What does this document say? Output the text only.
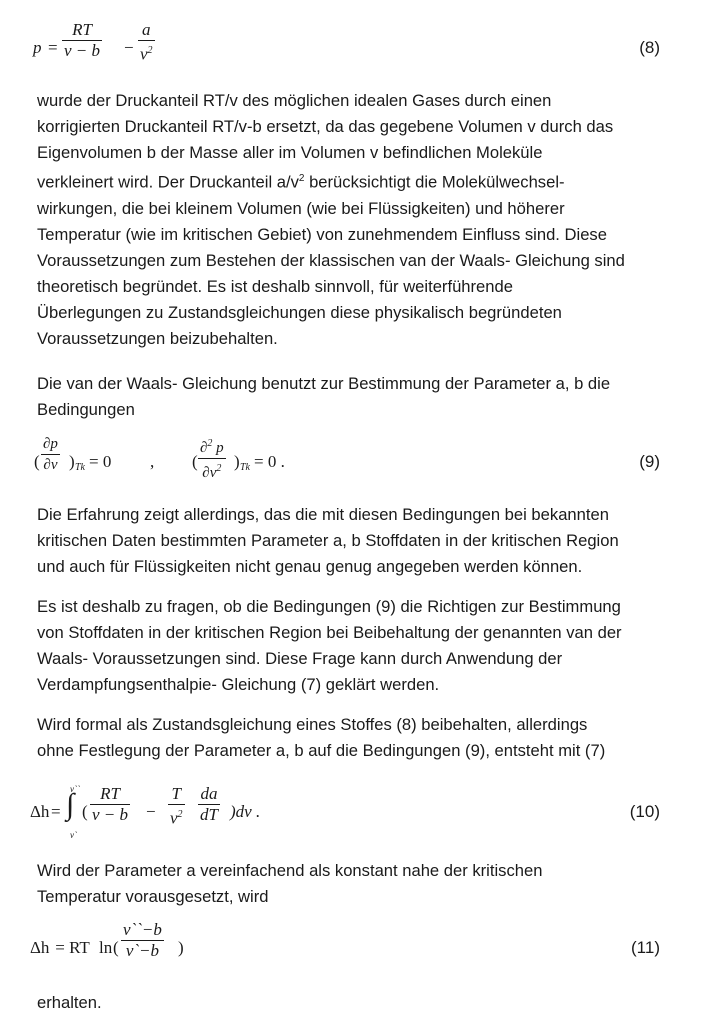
$p = \frac{RT}{v - b} - \frac{a}{v^2}$	(8)
wurde der Druckanteil RT/v des möglichen idealen Gases durch einen
korrigierten Druckanteil RT/v-b ersetzt, da das gegebene Volumen v durch das
Eigenvolumen b der Masse aller im Volumen v befindlichen Moleküle
verkleinert wird. Der Druckanteil $a/v^2$ berücksichtigt die Molekülwechsel-
wirkungen, die bei kleinem Volumen (wie bei Flüssigkeiten) und höherer
Temperatur (wie im kritischen Gebiet) von zunehmendem Einfluss sind. Diese
Voraussetzungen zum Bestehen der klassischen van der Waals- Gleichung sind
theoretisch begründet. Es ist deshalb sinnvoll, für weiterführende
Überlegungen zu Zustandsgleichungen diese physikalisch begründeten
Voraussetzungen beizubehalten.
Die van der Waals- Gleichung benutzt zur Bestimmung der Parameter a, b die
Bedingungen
( $\frac{\partial p}{\partial v}$ ) Tk = 0 , ( $\frac{\partial^2 p}{\partial v^2}$ ) Tk = 0 .	(9)
Die Erfahrung zeigt allerdings, das die mit diesen Bedingungen bei bekannten
kritischen Daten bestimmten Parameter a, b Stoffdaten in der kritischen Region
und auch für Flüssigkeiten nicht genau genug angegeben werden können.
Es ist deshalb zu fragen, ob die Bedingungen (9) die Richtigen zur Bestimmung
von Stoffdaten in der kritischen Region bei Beibehaltung der genannten van der
Waals- Voraussetzungen sind. Diese Frage kann durch Anwendung der
Verdampfungsenthalpie- Gleichung (7) geklärt werden.
Wird formal als Zustandsgleichung eines Stoffes (8) beibehalten, allerdings
ohne Festlegung der Parameter a, b auf die Bedingungen (9), entsteht mit (7)
Δh = ∫
v``
v`
( $\frac{RT}{v - b} - \frac{T}{v^2} \frac{da}{dT} )dv$ .	(10)
Wird der Parameter a vereinfachend als konstant nahe der kritischen
Temperatur vorausgesetzt, wird
Δh = RT ln ( $\frac{v``-b}{v`-b}$ )	(11)
erhalten.
